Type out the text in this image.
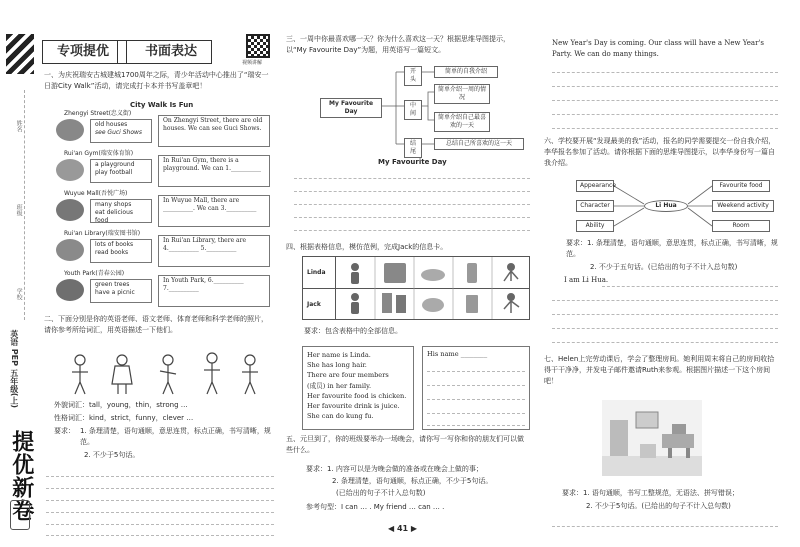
学校
班级
姓名
英语 PEP 五年级(上)
提优新卷
专项提优	书面表达
视频讲解
一、为庆祝瑞安古城建城1700周年之际，青少年活动中心推出了“瑞安一日游City Walk”活动，请完成打卡本并书写盖章吧！
City Walk Is Fun
Zhengyi Street(忠义街)
old houses
see Guci Shows
On Zhengyi Street, there are old houses. We can see Guci Shows.
Rui'an Gym(瑞安体育馆)
a playground
play football
In Rui'an Gym, there is a playground. We can 1.__________
Wuyue Mall(吾悦广场)
many shops
eat delicious food
In Wuyue Mall, there are __________. We can 3.__________
Rui'an Library(瑞安图书馆)
lots of books
read books
In Rui'an Library, there are 4.__________ 5.__________
Youth Park(青春公园)
green trees
have a picnic
In Youth Park, 6.__________ 7.__________
二、下面分别是你的英语老师、语文老师、体育老师和科学老师的照片，请你参考所给词汇，用英语描述一下他们。
外貌词汇：tall，young，thin，strong …
性格词汇：kind，strict，funny，clever …
要求： 1. 条理清楚，语句通顺，意思连贯，标点正确，书写清晰，规范。
2. 不少于5句话。
三、一周中你最喜欢哪一天？你为什么喜欢这一天？根据思维导图提示，以“My Favourite Day”为题，用英语写一篇短文。
My Favourite Day
开头
中间
结尾
简单的自我介绍
简单介绍一周的情况
简单介绍自己最喜欢的一天
总结自己所喜欢的这一天
My Favourite Day
四、根据表格信息，模仿范例，完成Jack的信息卡。
Linda
Jack
要求：包含表格中的全部信息。
Her name is Linda.
She has long hair.
There are four members
(成员) in her family.
Her favourite food is chicken.
Her favourite drink is juice.
She can do kung fu.
His name ________
五、元旦到了，你的班级要举办一场晚会，请你写一写你和你的朋友们可以做些什么。
要求：1. 内容可以是为晚会做的准备或在晚会上做的事；
2. 条理清楚，语句通顺，标点正确，不少于5句话。
(已给出的句子不计入总句数)
参考句型：I can … . My friend … can … .
◀ 41 ▶
New Year's Day is coming. Our class will have a New Year's Party. We can do many things.
六、学校要开展“发现最美的我”活动，报名的同学需要提交一份自我介绍，李华报名参加了活动。请你根据下面的思维导图提示，以李华身份写一篇自我介绍。
Li Hua
Appearance
Character
Ability
Favourite food
Weekend activity
Room
要求：1. 条理清楚，语句通顺，意思连贯，标点正确，书写清晰，规范。
2. 不少于五句话。(已给出的句子不计入总句数)
I am Li Hua.
七、Helen上完劳动课后，学会了整理房间。她利用周末将自己的房间收拾得干干净净，并发电子邮件邀请Ruth来参观。根据图片描述一下这个房间吧！
要求：1. 语句通顺，书写工整规范，无语法、拼写错误；
2. 不少于5句话。(已给出的句子不计入总句数)
